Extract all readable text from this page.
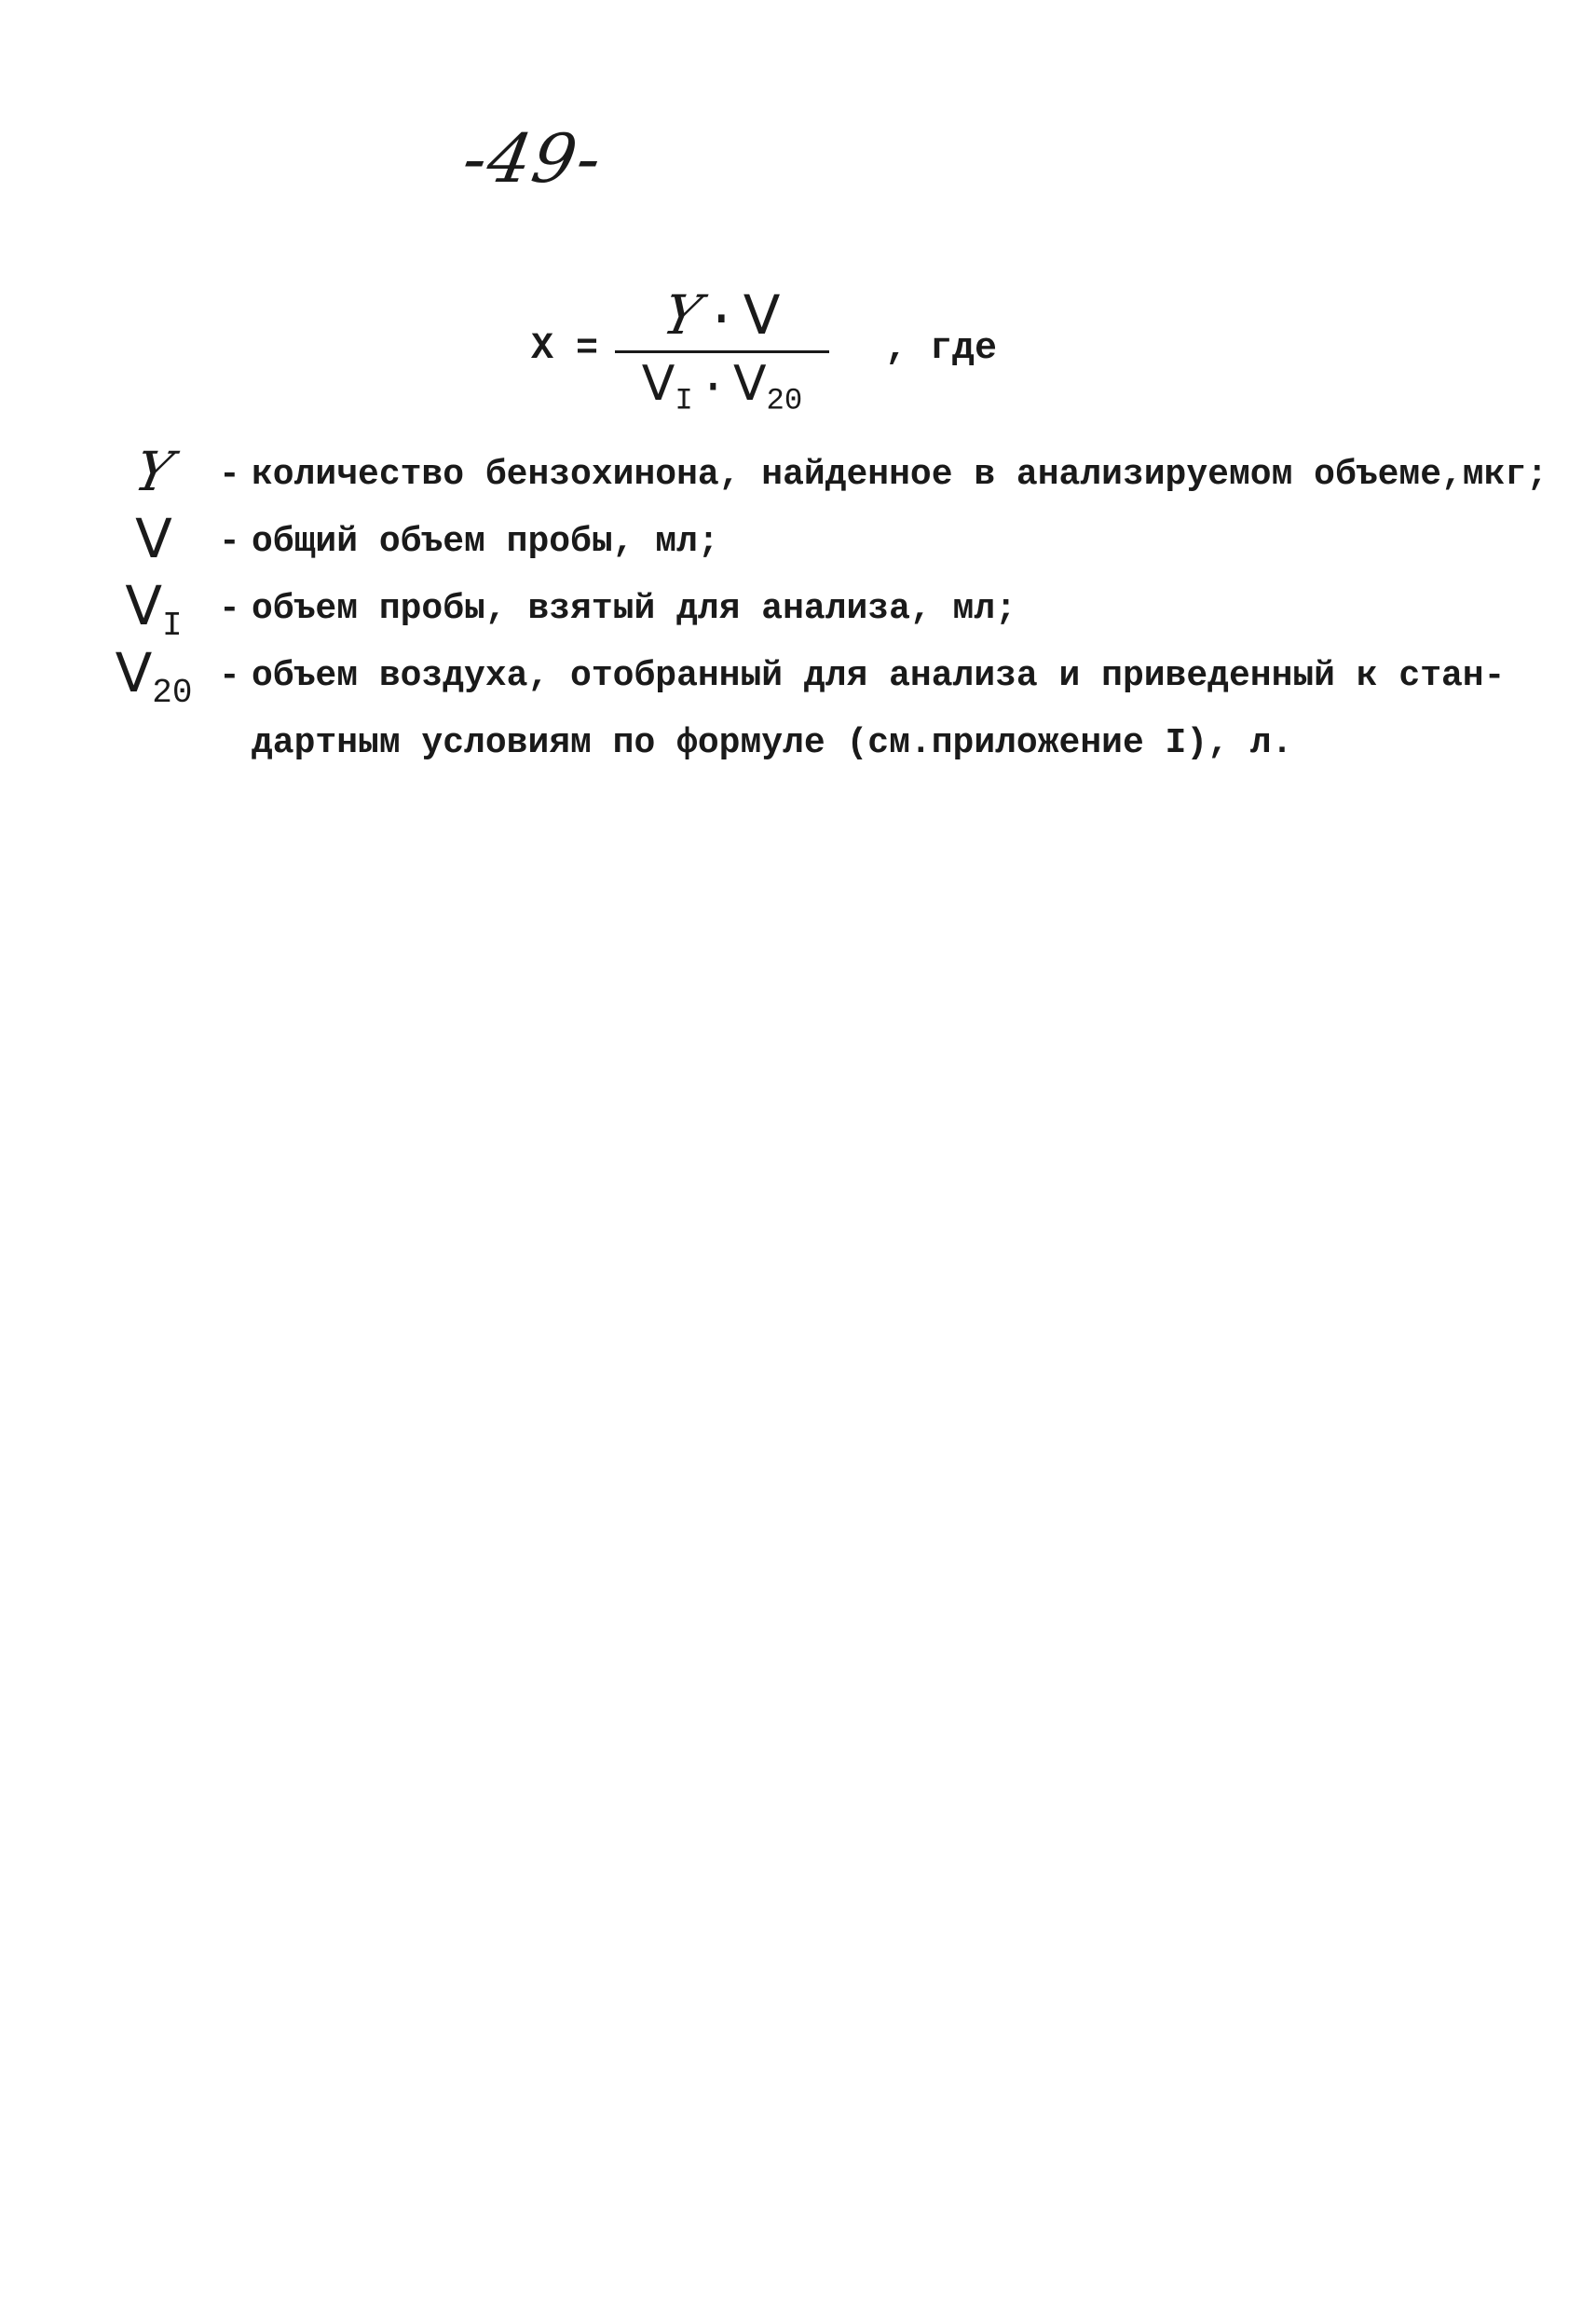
-49-
X =
Y· V
$V_I \cdot V_{20}$
, где
Y	- количество бензохинона, найденное в анализируемом объеме,мкг;
V	- общий объем пробы, мл;
$V_I$	- объем пробы, взятый для анализа, мл;
$V_{20}$ - объем воздуха, отобранный для анализа и приведенный к стан-
дартным условиям по формуле (см.приложение I), л.
